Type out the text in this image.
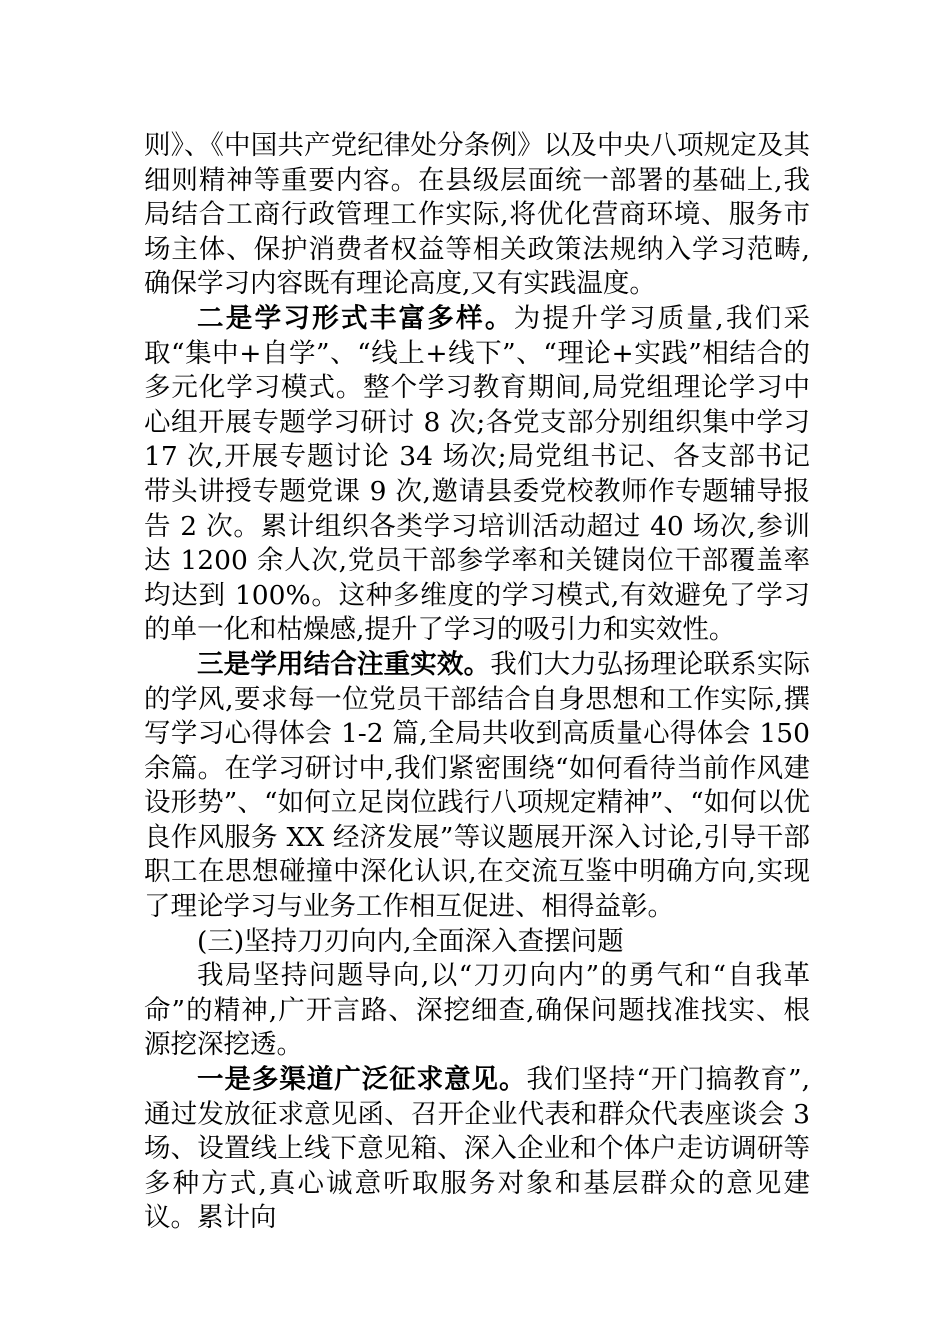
则》、《中国共产党纪律处分条例》以及中央八项规定及其细则精神等重要内容。在县级层面统一部署的基础上,我局结合工商行政管理工作实际,将优化营商环境、服务市场主体、保护消费者权益等相关政策法规纳入学习范畴,确保学习内容既有理论高度,又有实践温度。

二是学习形式丰富多样。为提升学习质量,我们采取“集中+自学”、“线上+线下”、“理论+实践”相结合的多元化学习模式。整个学习教育期间,局党组理论学习中心组开展专题学习研讨 8 次;各党支部分别组织集中学习 17 次,开展专题讨论 34 场次;局党组书记、各支部书记带头讲授专题党课 9 次,邀请县委党校教师作专题辅导报告 2 次。累计组织各类学习培训活动超过 40 场次,参训达 1200 余人次,党员干部参学率和关键岗位干部覆盖率均达到 100%。这种多维度的学习模式,有效避免了学习的单一化和枯燥感,提升了学习的吸引力和实效性。

三是学用结合注重实效。我们大力弘扬理论联系实际的学风,要求每一位党员干部结合自身思想和工作实际,撰写学习心得体会 1-2 篇,全局共收到高质量心得体会 150 余篇。在学习研讨中,我们紧密围绕“如何看待当前作风建设形势”、“如何立足岗位践行八项规定精神”、“如何以优良作风服务 XX 经济发展”等议题展开深入讨论,引导干部职工在思想碰撞中深化认识,在交流互鉴中明确方向,实现了理论学习与业务工作相互促进、相得益彰。

(三)坚持刀刃向内,全面深入查摆问题

我局坚持问题导向,以“刀刃向内”的勇气和“自我革命”的精神,广开言路、深挖细查,确保问题找准找实、根源挖深挖透。

一是多渠道广泛征求意见。我们坚持“开门搞教育”,通过发放征求意见函、召开企业代表和群众代表座谈会 3 场、设置线上线下意见箱、深入企业和个体户走访调研等多种方式,真心诚意听取服务对象和基层群众的意见建议。累计向
